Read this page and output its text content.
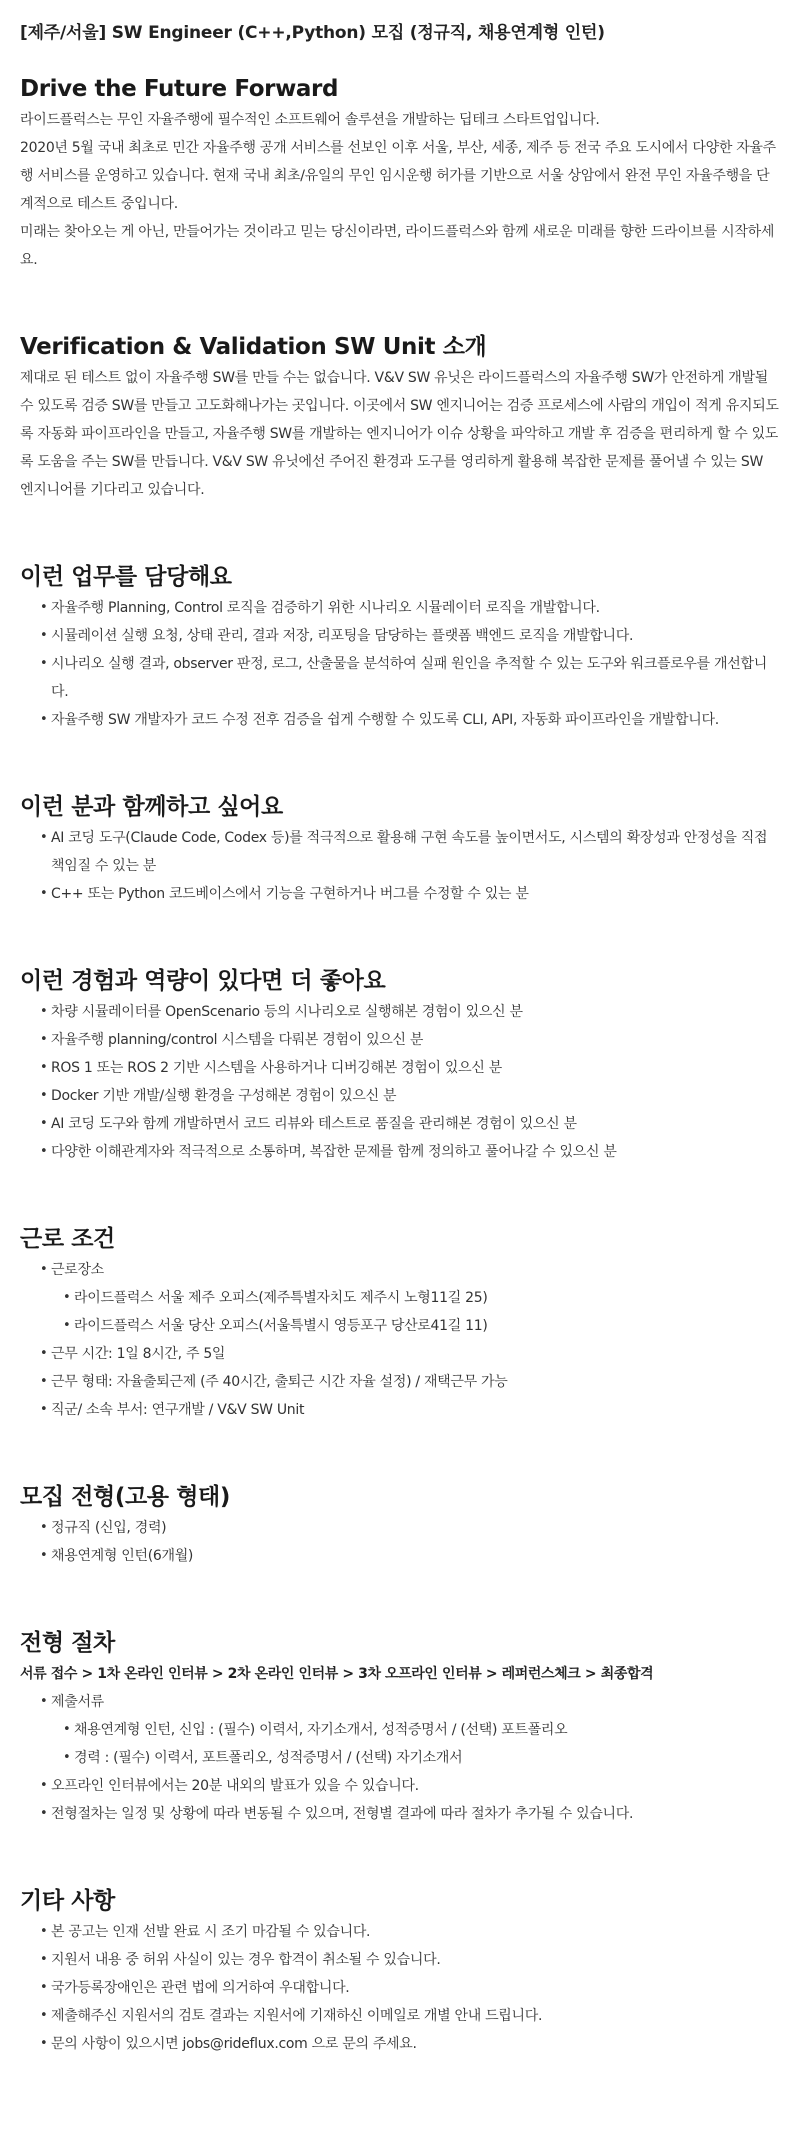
[제주/서울] SW Engineer (C++,Python) 모집 (정규직, 채용연계형 인턴)
Drive the Future Forward

라이드플럭스는 무인 자율주행에 필수적인 소프트웨어 솔루션을 개발하는 딥테크 스타트업입니다.

2020년 5월 국내 최초로 민간 자율주행 공개 서비스를 선보인 이후 서울, 부산, 세종, 제주 등 전국 주요 도시에서 다양한 자율주행 서비스를 운영하고 있습니다. 현재 국내 최초/유일의 무인 임시운행 허가를 기반으로 서울 상암에서 완전 무인 자율주행을 단계적으로 테스트 중입니다.

미래는 찾아오는 게 아닌, 만들어가는 것이라고 믿는 당신이라면, 라이드플럭스와 함께 새로운 미래를 향한 드라이브를 시작하세요.

Verification & Validation SW Unit 소개

제대로 된 테스트 없이 자율주행 SW를 만들 수는 없습니다. V&V SW 유닛은 라이드플럭스의 자율주행 SW가 안전하게 개발될 수 있도록 검증 SW를 만들고 고도화해나가는 곳입니다. 이곳에서 SW 엔지니어는 검증 프로세스에 사람의 개입이 적게 유지되도록 자동화 파이프라인을 만들고, 자율주행 SW를 개발하는 엔지니어가 이슈 상황을 파악하고 개발 후 검증을 편리하게 할 수 있도록 도움을 주는 SW를 만듭니다. V&V SW 유닛에선 주어진 환경과 도구를 영리하게 활용해 복잡한 문제를 풀어낼 수 있는 SW 엔지니어를 기다리고 있습니다.

이런 업무를 담당해요
• 자율주행 Planning, Control 로직을 검증하기 위한 시나리오 시뮬레이터 로직을 개발합니다.
• 시뮬레이션 실행 요청, 상태 관리, 결과 저장, 리포팅을 담당하는 플랫폼 백엔드 로직을 개발합니다.
• 시나리오 실행 결과, observer 판정, 로그, 산출물을 분석하여 실패 원인을 추적할 수 있는 도구와 워크플로우를 개선합니다.
• 자율주행 SW 개발자가 코드 수정 전후 검증을 쉽게 수행할 수 있도록 CLI, API, 자동화 파이프라인을 개발합니다.
이런 분과 함께하고 싶어요
• AI 코딩 도구(Claude Code, Codex 등)를 적극적으로 활용해 구현 속도를 높이면서도, 시스템의 확장성과 안정성을 직접 책임질 수 있는 분
• C++ 또는 Python 코드베이스에서 기능을 구현하거나 버그를 수정할 수 있는 분
이런 경험과 역량이 있다면 더 좋아요
• 차량 시뮬레이터를 OpenScenario 등의 시나리오로 실행해본 경험이 있으신 분
• 자율주행 planning/control 시스템을 다뤄본 경험이 있으신 분
• ROS 1 또는 ROS 2 기반 시스템을 사용하거나 디버깅해본 경험이 있으신 분
• Docker 기반 개발/실행 환경을 구성해본 경험이 있으신 분
• AI 코딩 도구와 함께 개발하면서 코드 리뷰와 테스트로 품질을 관리해본 경험이 있으신 분
• 다양한 이해관계자와 적극적으로 소통하며, 복잡한 문제를 함께 정의하고 풀어나갈 수 있으신 분
근로 조건
• 근로장소
• 라이드플럭스 서울 제주 오피스(제주특별자치도 제주시 노형11길 25)
• 라이드플럭스 서울 당산 오피스(서울특별시 영등포구 당산로41길 11)
• 근무 시간: 1일 8시간, 주 5일
• 근무 형태: 자율출퇴근제 (주 40시간, 출퇴근 시간 자율 설정) / 재택근무 가능
• 직군/ 소속 부서: 연구개발 / V&V SW Unit
모집 전형(고용 형태)
• 정규직 (신입, 경력)
• 채용연계형 인턴(6개월)
전형 절차
서류 접수 > 1차 온라인 인터뷰 > 2차 온라인 인터뷰 > 3차 오프라인 인터뷰 > 레퍼런스체크 > 최종합격
• 제출서류
• 채용연계형 인턴, 신입 : (필수) 이력서, 자기소개서, 성적증명서 / (선택) 포트폴리오
• 경력 : (필수) 이력서, 포트폴리오, 성적증명서 / (선택) 자기소개서
• 오프라인 인터뷰에서는 20분 내외의 발표가 있을 수 있습니다.
• 전형절차는 일정 및 상황에 따라 변동될 수 있으며, 전형별 결과에 따라 절차가 추가될 수 있습니다.
기타 사항
• 본 공고는 인재 선발 완료 시 조기 마감될 수 있습니다.
• 지원서 내용 중 허위 사실이 있는 경우 합격이 취소될 수 있습니다.
• 국가등록장애인은 관련 법에 의거하여 우대합니다.
• 제출해주신 지원서의 검토 결과는 지원서에 기재하신 이메일로 개별 안내 드립니다.
• 문의 사항이 있으시면 jobs@rideflux.com 으로 문의 주세요.
